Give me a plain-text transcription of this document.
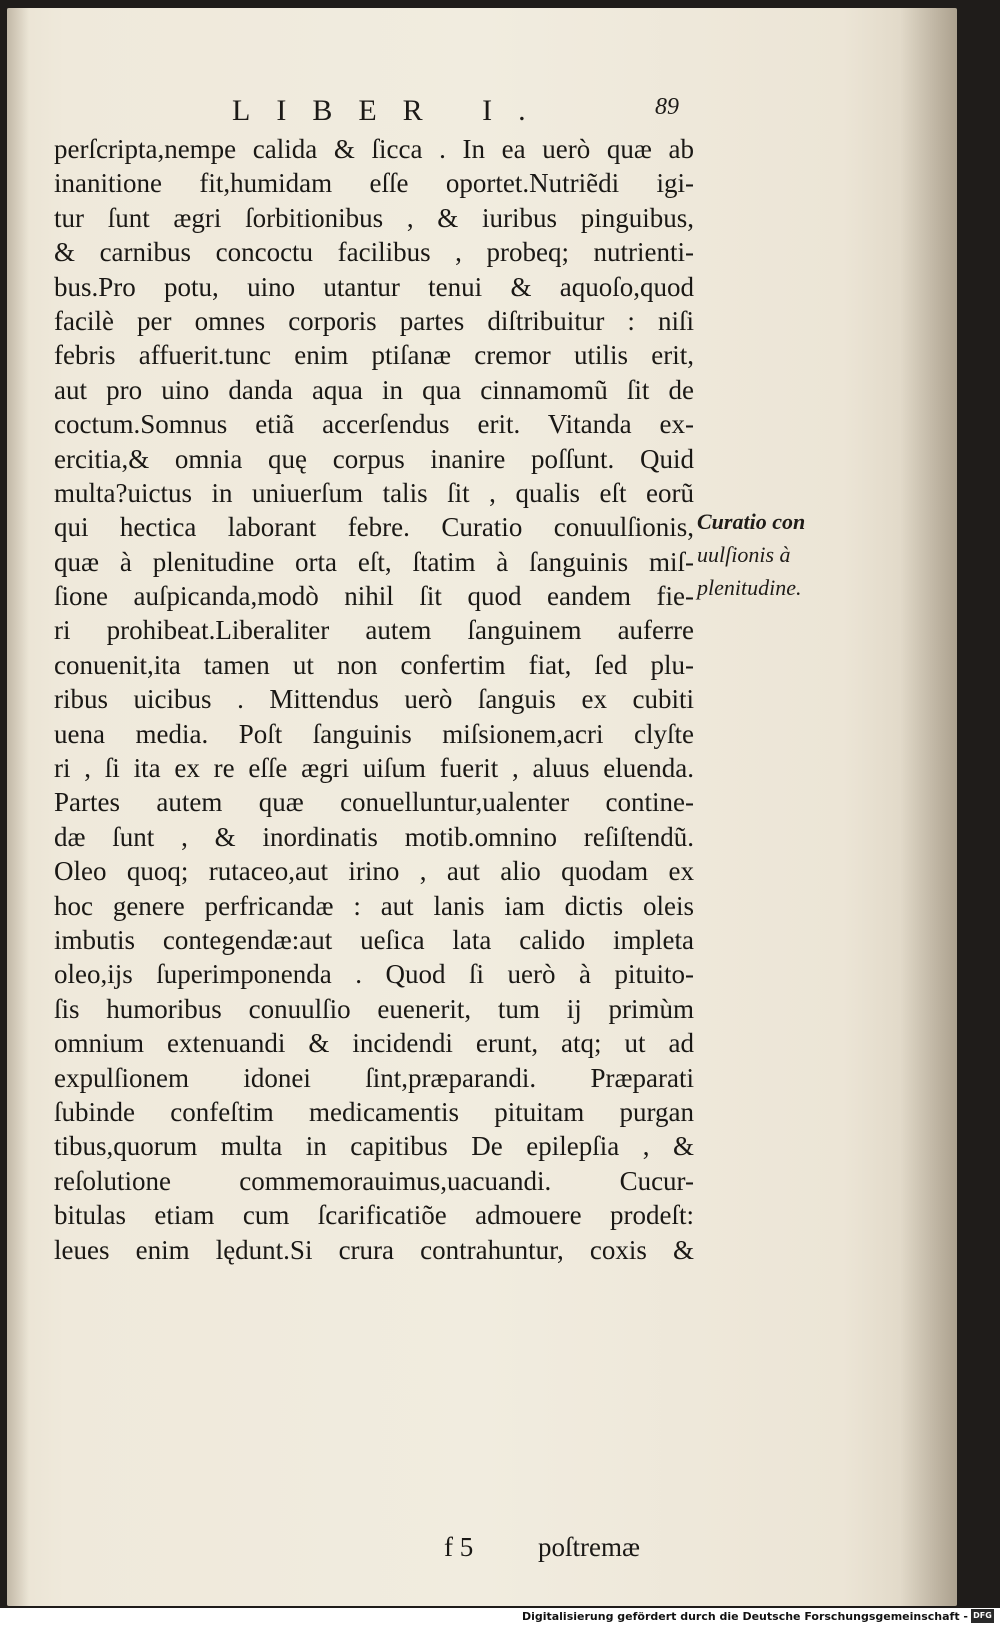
LIBER I.	89
perſcripta,nempe calida & ſicca . In ea uerò quæ ab
inanitione fit,humidam eſſe oportet.Nutriẽdi igi-
tur ſunt ægri ſorbitionibus , & iuribus pinguibus,
& carnibus concoctu facilibus , probeq; nutrienti-
bus.Pro potu, uino utantur tenui & aquoſo,quod
facilè per omnes corporis partes diſtribuitur : niſi
febris affuerit.tunc enim ptiſanæ cremor utilis erit,
aut pro uino danda aqua in qua cinnamomũ ſit de
coctum.Somnus etiã accerſendus erit. Vitanda ex-
ercitia,& omnia quę corpus inanire poſſunt. Quid
multa?uictus in uniuerſum talis ſit , qualis eſt eorũ
qui hectica laborant febre. Curatio conuulſionis,
quæ à plenitudine orta eſt, ſtatim à ſanguinis miſ-
ſione auſpicanda,modò nihil ſit quod eandem fie-
ri prohibeat.Liberaliter autem ſanguinem auferre
conuenit,ita tamen ut non confertim fiat, ſed plu-
ribus uicibus . Mittendus uerò ſanguis ex cubiti
uena media. Poſt ſanguinis miſsionem,acri clyſte
ri , ſi ita ex re eſſe ægri uiſum fuerit , aluus eluenda.
Partes autem quæ conuelluntur,ualenter contine-
dæ ſunt , & inordinatis motib.omnino reſiſtendũ.
Oleo quoq; rutaceo,aut irino , aut alio quodam ex
hoc genere perfricandæ : aut lanis iam dictis oleis
imbutis contegendæ:aut ueſica lata calido impleta
oleo,ijs ſuperimponenda . Quod ſi uerò à pituito-
ſis humoribus conuulſio euenerit, tum ij primùm
omnium extenuandi & incidendi erunt, atq; ut ad
expulſionem idonei ſint,præparandi. Præparati
ſubinde confeſtim medicamentis pituitam purgan
tibus,quorum multa in capitibus De epilepſia , &
reſolutione commemorauimus,uacuandi. Cucur-
bitulas etiam cum ſcarificatiõe admouere prodeſt:
leues enim lędunt.Si crura contrahuntur, coxis &
Curatio con
uulſionis à
plenitudine.
f 5 poſtremæ
Digitalisierung gefördert durch die Deutsche Forschungsgemeinschaft - DFG
